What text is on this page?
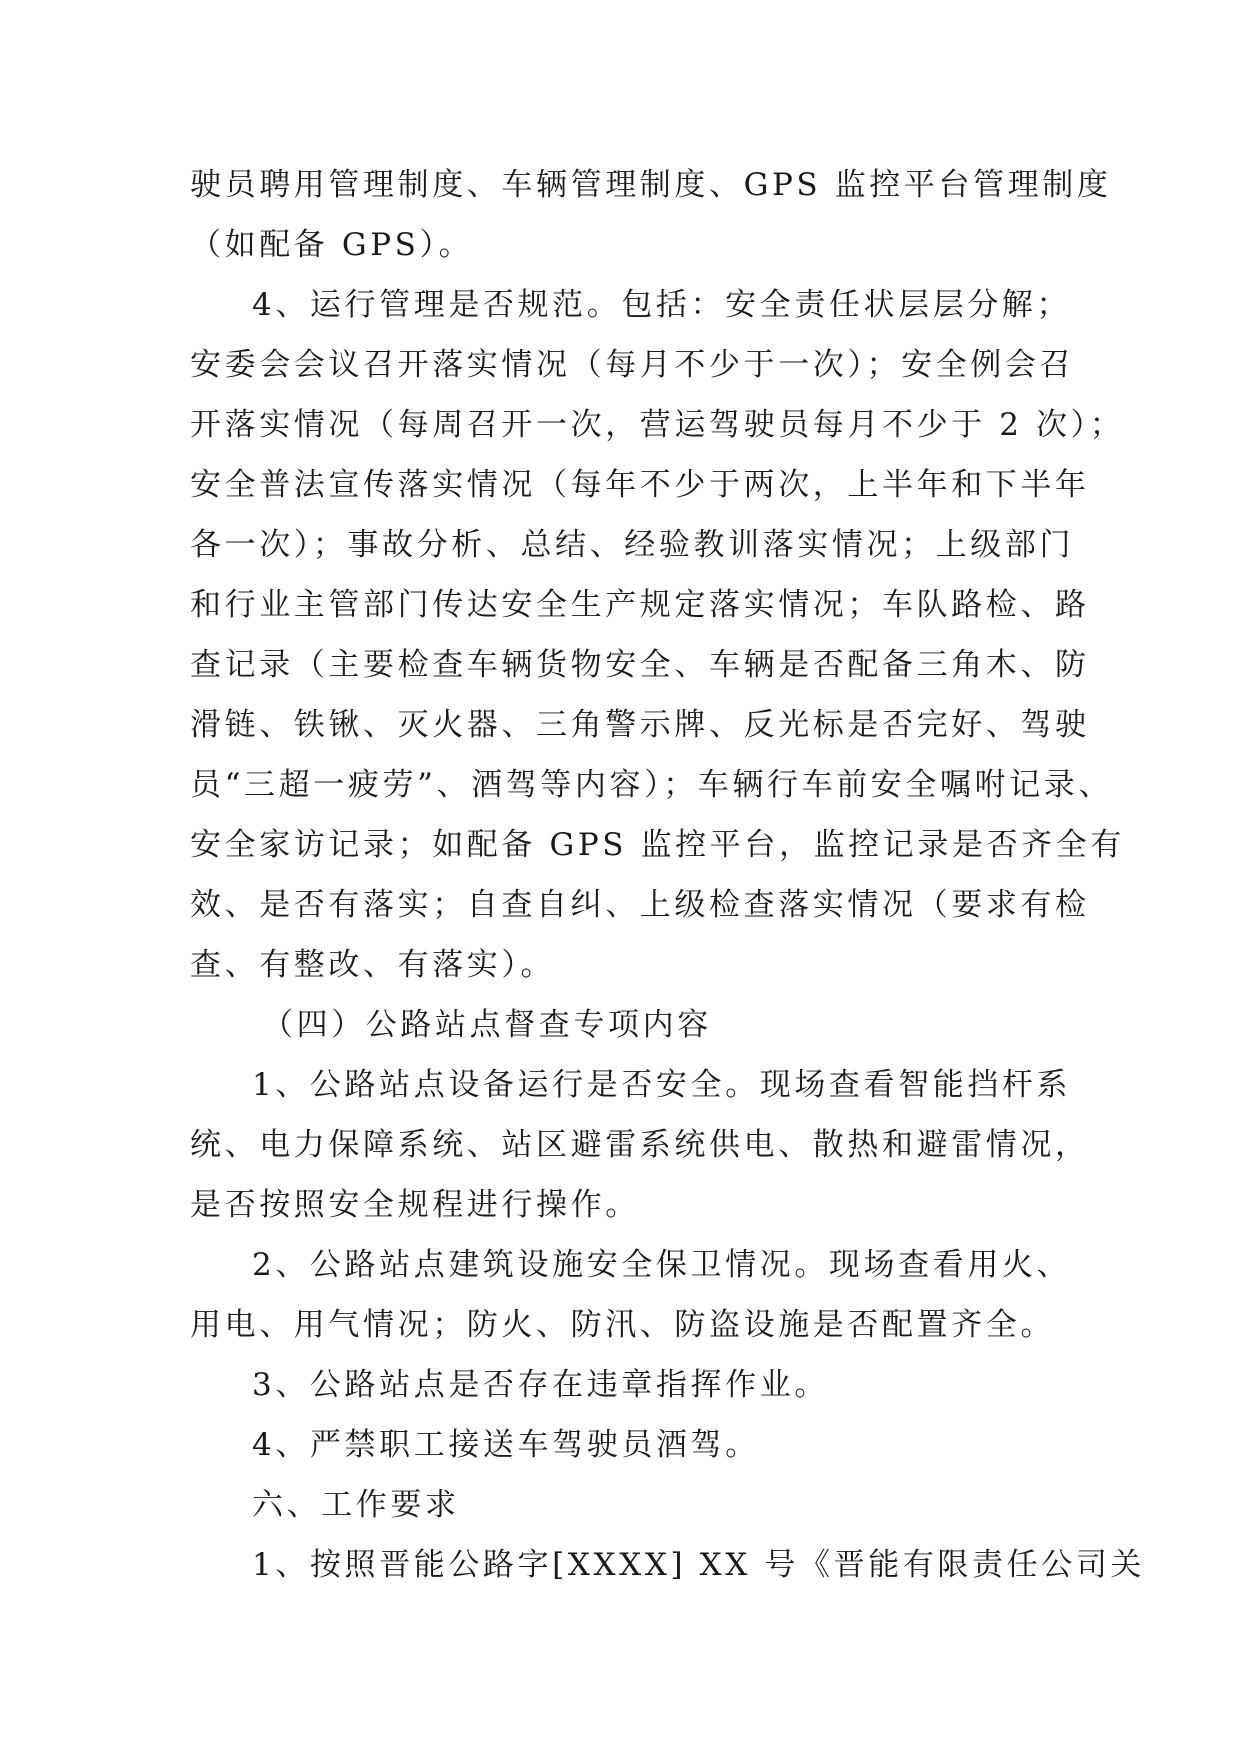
驶员聘用管理制度、车辆管理制度、GPS 监控平台管理制度
（如配备 GPS）。
4、运行管理是否规范。包括：安全责任状层层分解；
安委会会议召开落实情况（每月不少于一次）；安全例会召
开落实情况（每周召开一次，营运驾驶员每月不少于 2 次）；
安全普法宣传落实情况（每年不少于两次，上半年和下半年
各一次）；事故分析、总结、经验教训落实情况；上级部门
和行业主管部门传达安全生产规定落实情况；车队路检、路
查记录（主要检查车辆货物安全、车辆是否配备三角木、防
滑链、铁锹、灭火器、三角警示牌、反光标是否完好、驾驶
员“三超一疲劳”、酒驾等内容）；车辆行车前安全嘱咐记录、
安全家访记录；如配备 GPS 监控平台，监控记录是否齐全有
效、是否有落实；自查自纠、上级检查落实情况（要求有检
查、有整改、有落实）。
（四）公路站点督查专项内容
1、公路站点设备运行是否安全。现场查看智能挡杆系
统、电力保障系统、站区避雷系统供电、散热和避雷情况，
是否按照安全规程进行操作。
2、公路站点建筑设施安全保卫情况。现场查看用火、
用电、用气情况；防火、防汛、防盗设施是否配置齐全。
3、公路站点是否存在违章指挥作业。
4、严禁职工接送车驾驶员酒驾。
六、工作要求
1、按照晋能公路字[XXXX] XX 号《晋能有限责任公司关
